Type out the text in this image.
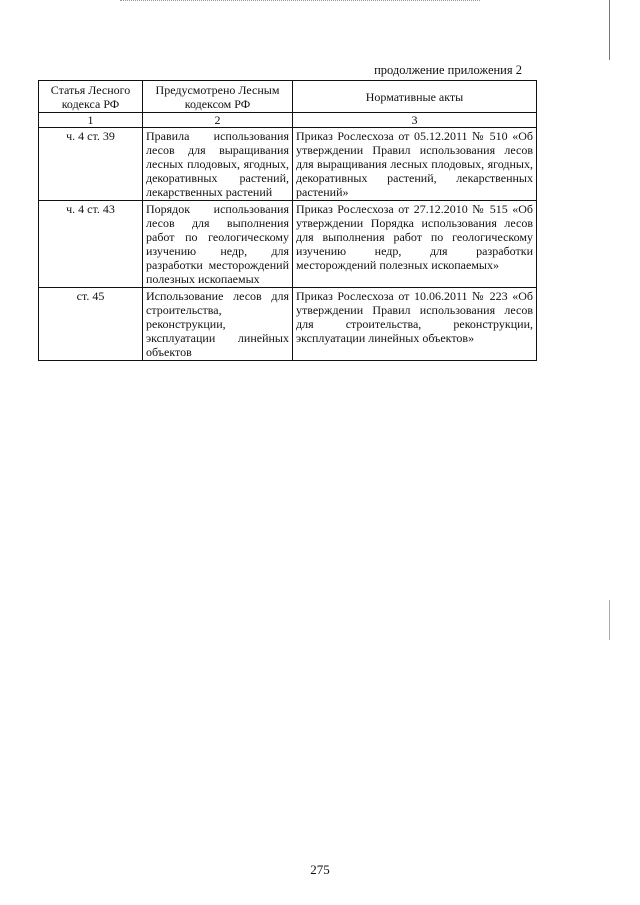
продолжение приложения 2
Статья Лесного кодекса РФ	Предусмотрено Лесным кодексом РФ	Нормативные акты
1	2	3
ч. 4 ст. 39	Правила использования лесов для выращивания лесных плодовых, ягодных, декоративных растений, лекарственных растений	Приказ Рослесхоза от 05.12.2011 № 510 «Об утверждении Правил использования лесов для выращивания лесных плодовых, ягодных, декоративных растений, лекарственных растений»
ч. 4 ст. 43	Порядок использования лесов для выполнения работ по геологическому изучению недр, для разработки месторождений полезных ископаемых	Приказ Рослесхоза от 27.12.2010 № 515 «Об утверждении Порядка использования лесов для выполнения работ по геологическому изучению недр, для разработки месторождений полезных ископаемых»
ст. 45	Использование лесов для строительства, реконструкции, эксплуатации линейных объектов	Приказ Рослесхоза от 10.06.2011 № 223 «Об утверждении Правил использования лесов для строительства, реконструкции, эксплуатации линейных объектов»
275
